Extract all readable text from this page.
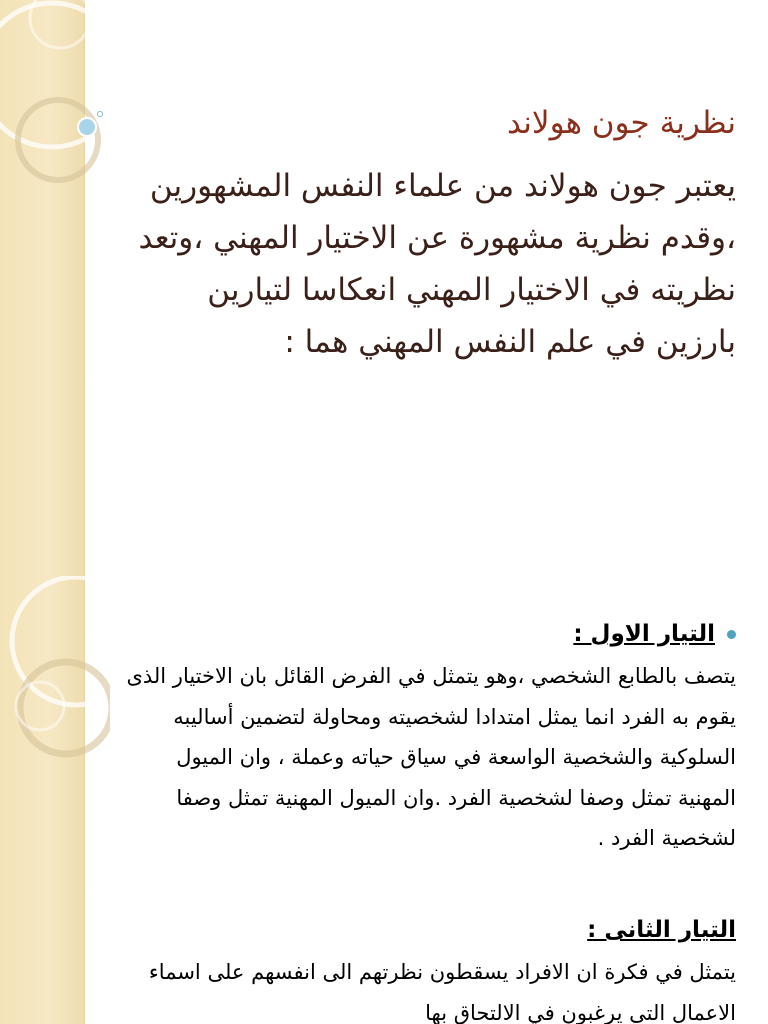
نظرية جون هولاند

يعتبر جون هولاند من علماء النفس المشهورين ،وقدم نظرية مشهورة عن الاختيار المهني ،وتعد نظريته في الاختيار المهني انعكاسا لتيارين بارزين في علم النفس المهني هما :

التيار الاول :

يتصف بالطابع الشخصي ،وهو يتمثل في الفرض القائل بان الاختيار الذى يقوم به الفرد انما يمثل امتدادا لشخصيته ومحاولة لتضمين أساليبه السلوكية والشخصية الواسعة في سياق حياته وعملة ، وان الميول المهنية تمثل وصفا لشخصية الفرد .وان الميول المهنية تمثل وصفا لشخصية الفرد .

التيار الثانى :

يتمثل في فكرة ان الافراد يسقطون نظرتهم الى انفسهم على اسماء الاعمال التى يرغبون في الالتحاق بها
